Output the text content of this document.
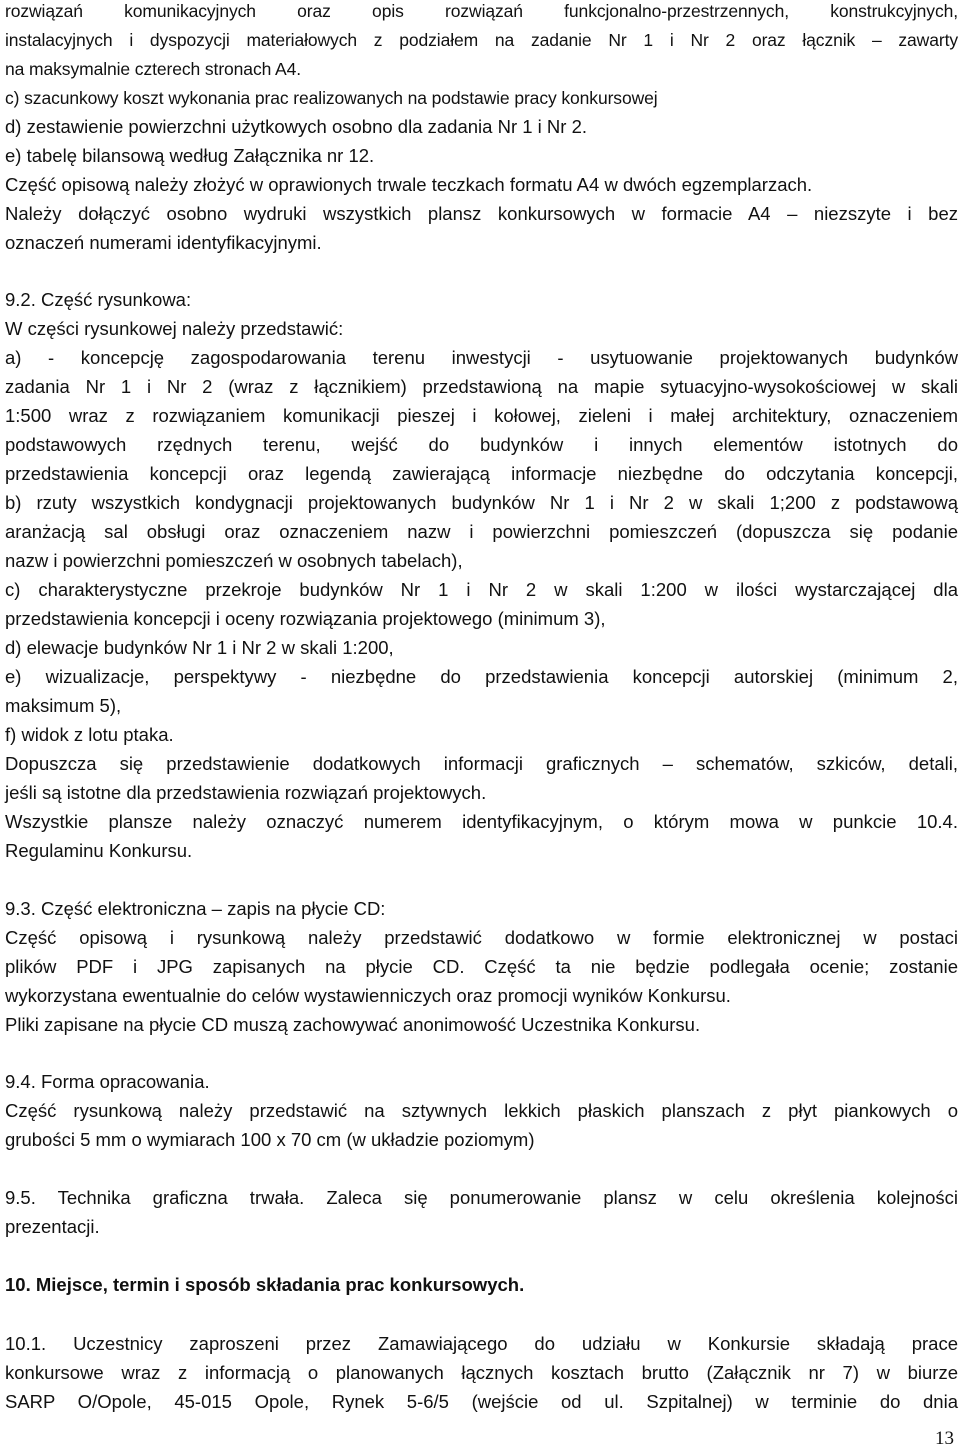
rozwiązań komunikacyjnych oraz opis rozwiązań funkcjonalno-przestrzennych, konstrukcyjnych,
instalacyjnych i dyspozycji materiałowych z podziałem na zadanie Nr 1 i Nr 2 oraz łącznik – zawarty
na maksymalnie czterech stronach A4.
c) szacunkowy koszt wykonania prac realizowanych na podstawie pracy konkursowej
d) zestawienie powierzchni użytkowych osobno dla zadania Nr 1 i Nr 2.
e) tabelę bilansową według Załącznika nr 12.
Część opisową należy złożyć w oprawionych trwale teczkach formatu A4 w dwóch egzemplarzach.
Należy dołączyć osobno wydruki wszystkich plansz konkursowych w formacie A4 – niezszyte i bez
oznaczeń numerami identyfikacyjnymi.
9.2. Część rysunkowa:
W części rysunkowej należy przedstawić:
a) - koncepcję zagospodarowania terenu inwestycji - usytuowanie projektowanych budynków
zadania Nr 1 i Nr 2 (wraz z łącznikiem) przedstawioną na mapie sytuacyjno-wysokościowej w skali
1:500 wraz z rozwiązaniem komunikacji pieszej i kołowej, zieleni i małej architektury, oznaczeniem
podstawowych rzędnych terenu, wejść do budynków i innych elementów istotnych do
przedstawienia koncepcji oraz legendą zawierającą informacje niezbędne do odczytania koncepcji,
b) rzuty wszystkich kondygnacji projektowanych budynków Nr 1 i Nr 2 w skali 1;200 z podstawową
aranżacją sal obsługi oraz oznaczeniem nazw i powierzchni pomieszczeń (dopuszcza się podanie
nazw i powierzchni pomieszczeń w osobnych tabelach),
c) charakterystyczne przekroje budynków Nr 1 i Nr 2 w skali 1:200 w ilości wystarczającej dla
przedstawienia koncepcji i oceny rozwiązania projektowego (minimum 3),
d) elewacje budynków Nr 1 i Nr 2 w skali 1:200,
e) wizualizacje, perspektywy - niezbędne do przedstawienia koncepcji autorskiej (minimum 2,
maksimum 5),
f) widok z lotu ptaka.
Dopuszcza się przedstawienie dodatkowych informacji graficznych – schematów, szkiców, detali,
jeśli są istotne dla przedstawienia rozwiązań projektowych.
Wszystkie plansze należy oznaczyć numerem identyfikacyjnym, o którym mowa w punkcie 10.4.
Regulaminu Konkursu.
9.3. Część elektroniczna – zapis na płycie CD:
Część opisową i rysunkową należy przedstawić dodatkowo w formie elektronicznej w postaci
plików PDF i JPG zapisanych na płycie CD. Część ta nie będzie podlegała ocenie; zostanie
wykorzystana ewentualnie do celów wystawienniczych oraz promocji wyników Konkursu.
Pliki zapisane na płycie CD muszą zachowywać anonimowość Uczestnika Konkursu.
9.4. Forma opracowania.
Część rysunkową należy przedstawić na sztywnych lekkich płaskich planszach z płyt piankowych o
grubości 5 mm o wymiarach 100 x 70 cm (w układzie poziomym)
9.5. Technika graficzna trwała. Zaleca się ponumerowanie plansz w celu określenia kolejności
prezentacji.
10. Miejsce, termin i sposób składania prac konkursowych.
10.1. Uczestnicy zaproszeni przez Zamawiającego do udziału w Konkursie składają prace
konkursowe wraz z informacją o planowanych łącznych kosztach brutto (Załącznik nr 7) w biurze
SARP O/Opole, 45-015 Opole, Rynek 5-6/5 (wejście od ul. Szpitalnej) w terminie do dnia
13
